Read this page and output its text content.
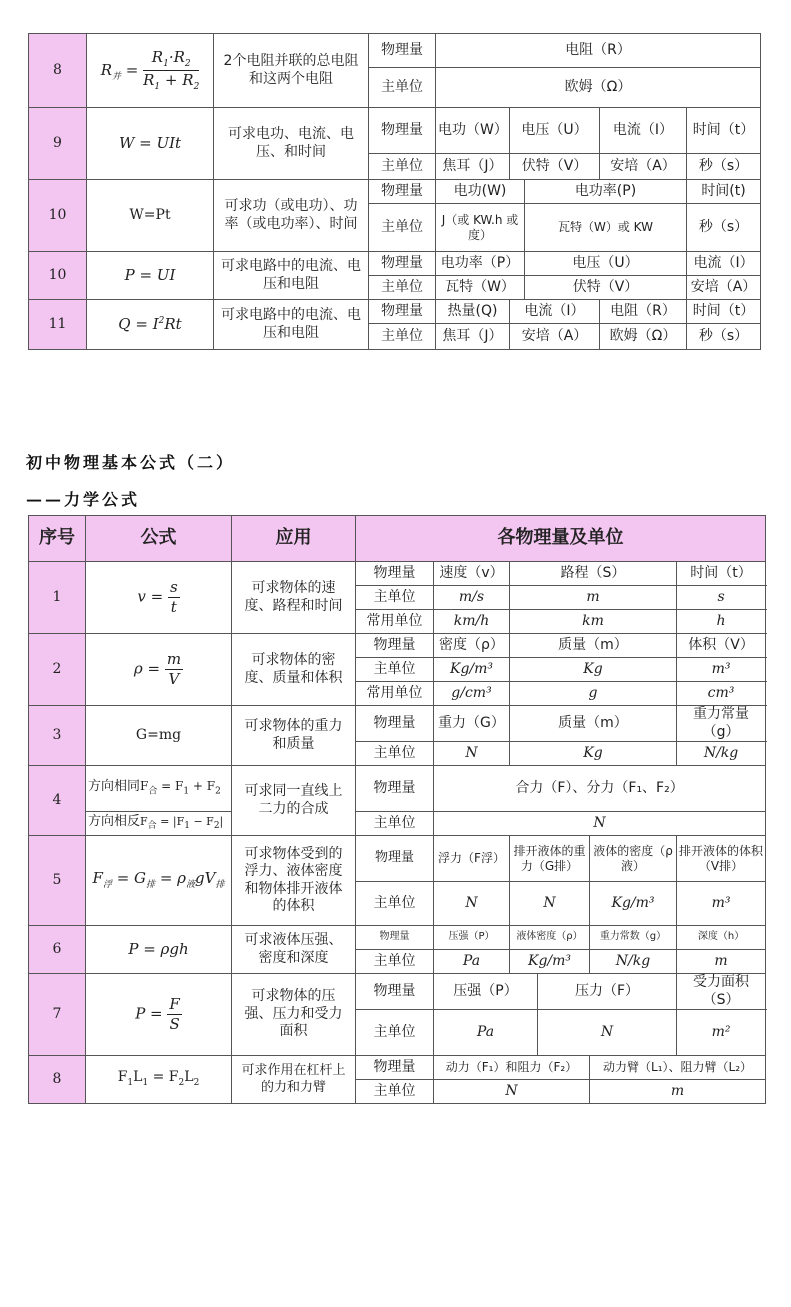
8	$R_并 = \frac{R_1\cdot R_2}{R_1 + R_2}$	2个电阻并联的总电阻和这两个电阻	物理量	电阻（R）				
			主单位	欧姆（Ω）				
9	W = UIt	可求电功、电流、电压、和时间	物理量	电功（W）	电压（U）		电流（I）	时间（t）
			主单位	焦耳（J）	伏特（V）		安培（A）	秒（s）
10	W=Pt	可求功（或电功）、功率（或电功率）、时间	物理量	电功(W)		电功率(P)		时间(t)
			主单位	J（或 KW.h 或度）		瓦特（W）或 KW		秒（s）
10	P = UI	可求电路中的电流、电压和电阻	物理量	电功率（P）		电压（U）		电流（I）
			主单位	瓦特（W）		伏特（V）		安培（A）
11	$Q = I^2Rt$	可求电路中的电流、电压和电阻	物理量	热量(Q)	电流（I）		电阻（R）	时间（t）
			主单位	焦耳（J）	安培（A）		欧姆（Ω）	秒（s）
初中物理基本公式（二）
——力学公式
序号	公式	应用	各物理量及单位					
1	$v = \frac{s}{t}$	可求物体的速度、路程和时间	物理量	速度（v）	路程（S）			时间（t）
			主单位	m/s	m			s
			常用单位	km/h	km			h
2	$\rho = \frac{m}{V}$	可求物体的密度、质量和体积	物理量	密度（ρ）	质量（m）			体积（V）
			主单位	Kg/m³	Kg			m³
			常用单位	g/cm³	g			cm³
3	G=mg	可求物体的重力和质量	物理量	重力（G）	质量（m）			重力常量（g）
			主单位	N	Kg			N/kg
4	方向相同$F_合 = F_1 + F_2$	可求同一直线上二力的合成	物理量	合力（F）、分力（F₁、F₂）				
	方向相反$F_合 = |F_1 - F_2|$		主单位	N				
5	$F_浮 = G_排 = \rho_液gV_排$	可求物体受到的浮力、液体密度和物体排开液体的体积	物理量	浮力（F浮）	排开液体的重力（G排）		液体的密度（ρ液）	排开液体的体积（V排）
			主单位	N	N		Kg/m³	m³
6	P = ρgh	可求液体压强、密度和深度	物理量	压强（P）	液体密度（ρ）		重力常数（g）	深度（h）
			主单位	Pa	Kg/m³		N/kg	m
7	$P = \frac{F}{S}$	可求物体的压强、压力和受力面积	物理量	压强（P）		压力（F）		受力面积（S）
			主单位	Pa		N		m²
8	$F_1L_1 = F_2L_2$	可求作用在杠杆上的力和力臂	物理量	动力（F₁）和阻力（F₂）			动力臂（L₁）、阻力臂（L₂）	
			主单位	N			m	
